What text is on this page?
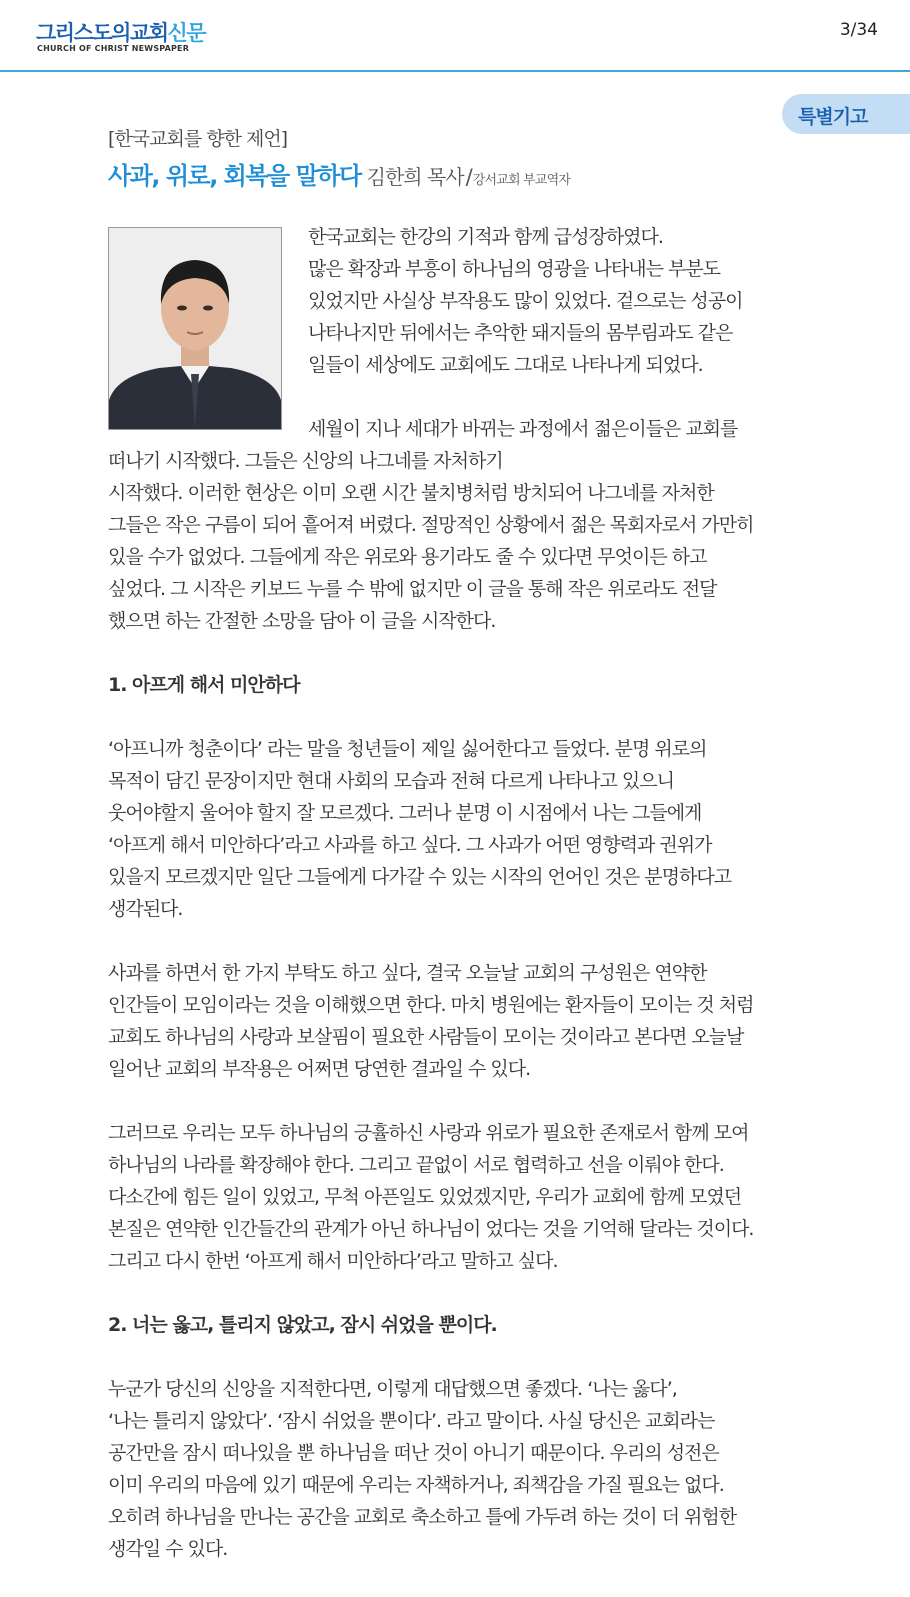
그리스도의교회신문
CHURCH OF CHRIST NEWSPAPER
3/34
특별기고
[한국교회를 향한 제언]
사과, 위로, 회복을 말하다 김한희 목사/강서교회 부교역자

한국교회는 한강의 기적과 함께 급성장하였다.
많은 확장과 부흥이 하나님의 영광을 나타내는 부분도
있었지만 사실상 부작용도 많이 있었다. 겉으로는 성공이
나타나지만 뒤에서는 추악한 돼지들의 몸부림과도 같은
일들이 세상에도 교회에도 그대로 나타나게 되었다.

세월이 지나 세대가 바뀌는 과정에서 젊은이들은 교회를
떠나기 시작했다. 그들은 신앙의 나그네를 자처하기
시작했다. 이러한 현상은 이미 오랜 시간 불치병처럼 방치되어 나그네를 자처한
그들은 작은 구름이 되어 흩어져 버렸다. 절망적인 상황에서 젊은 목회자로서 가만히
있을 수가 없었다. 그들에게 작은 위로와 용기라도 줄 수 있다면 무엇이든 하고
싶었다. 그 시작은 키보드 누를 수 밖에 없지만 이 글을 통해 작은 위로라도 전달
했으면 하는 간절한 소망을 담아 이 글을 시작한다.

1. 아프게 해서 미안하다

‘아프니까 청춘이다’ 라는 말을 청년들이 제일 싫어한다고 들었다. 분명 위로의
목적이 담긴 문장이지만 현대 사회의 모습과 전혀 다르게 나타나고 있으니
웃어야할지 울어야 할지 잘 모르겠다. 그러나 분명 이 시점에서 나는 그들에게
‘아프게 해서 미안하다’라고 사과를 하고 싶다. 그 사과가 어떤 영향력과 권위가
있을지 모르겠지만 일단 그들에게 다가갈 수 있는 시작의 언어인 것은 분명하다고
생각된다.

사과를 하면서 한 가지 부탁도 하고 싶다, 결국 오늘날 교회의 구성원은 연약한
인간들이 모임이라는 것을 이해했으면 한다. 마치 병원에는 환자들이 모이는 것 처럼
교회도 하나님의 사랑과 보살핌이 필요한 사람들이 모이는 것이라고 본다면 오늘날
일어난 교회의 부작용은 어쩌면 당연한 결과일 수 있다.

그러므로 우리는 모두 하나님의 긍휼하신 사랑과 위로가 필요한 존재로서 함께 모여
하나님의 나라를 확장해야 한다. 그리고 끝없이 서로 협력하고 선을 이뤄야 한다.
다소간에 힘든 일이 있었고, 무척 아픈일도 있었겠지만, 우리가 교회에 함께 모였던
본질은 연약한 인간들간의 관계가 아닌 하나님이 었다는 것을 기억해 달라는 것이다.
그리고 다시 한번 ‘아프게 해서 미안하다’라고 말하고 싶다.

2. 너는 옳고, 틀리지 않았고, 잠시 쉬었을 뿐이다.

누군가 당신의 신앙을 지적한다면, 이렇게 대답했으면 좋겠다. ‘나는 옳다’,
‘나는 틀리지 않았다’. ‘잠시 쉬었을 뿐이다’. 라고 말이다. 사실 당신은 교회라는
공간만을 잠시 떠나있을 뿐 하나님을 떠난 것이 아니기 때문이다. 우리의 성전은
이미 우리의 마음에 있기 때문에 우리는 자책하거나, 죄책감을 가질 필요는 없다.
오히려 하나님을 만나는 공간을 교회로 축소하고 틀에 가두려 하는 것이 더 위험한
생각일 수 있다.
